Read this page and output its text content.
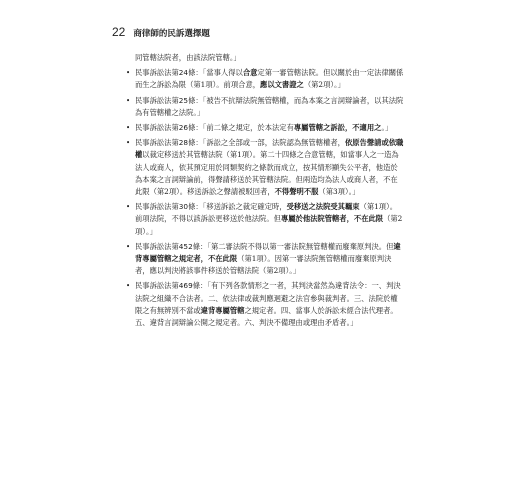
22 商律師的民訴選擇題
同管轄法院者，由該法院管轄。」
• 民事訴訟法第24條：「當事人得以合意定第一審管轄法院。但以關於由一定法律關係而生之訴訟為限（第1項）。前項合意，應以文書證之（第2項）。」
• 民事訴訟法第25條：「被告不抗辯法院無管轄權，而為本案之言詞辯論者，以其法院為有管轄權之法院。」
• 民事訴訟法第26條：「前二條之規定，於本法定有專屬管轄之訴訟，不適用之。」
• 民事訴訟法第28條：「訴訟之全部或一部，法院認為無管轄權者，依原告聲請或依職權以裁定移送於其管轄法院（第1項）。第二十四條之合意管轄，如當事人之一造為法人或商人，依其預定用於同類契約之條款而成立，按其情形顯失公平者，他造於為本案之言詞辯論前，得聲請移送於其管轄法院。但兩造均為法人或商人者，不在此限（第2項）。移送訴訟之聲請被駁回者，不得聲明不服（第3項）。」
• 民事訴訟法第30條：「移送訴訟之裁定確定時，受移送之法院受其羈束（第1項）。前項法院，不得以該訴訟更移送於他法院。但專屬於他法院管轄者，不在此限（第2項）。」
• 民事訴訟法第452條：「第二審法院不得以第一審法院無管轄權而廢棄原判決。但違背專屬管轄之規定者，不在此限（第1項）。因第一審法院無管轄權而廢棄原判決者，應以判決將該事件移送於管轄法院（第2項）。」
• 民事訴訟法第469條：「有下列各款情形之一者，其判決當然為違背法令：一、判決法院之組織不合法者。二、依法律或裁判應迴避之法官參與裁判者。三、法院於權限之有無辨別不當或違背專屬管轄之規定者。四、當事人於訴訟未經合法代理者。五、違背言詞辯論公開之規定者。六、判決不備理由或理由矛盾者。」
